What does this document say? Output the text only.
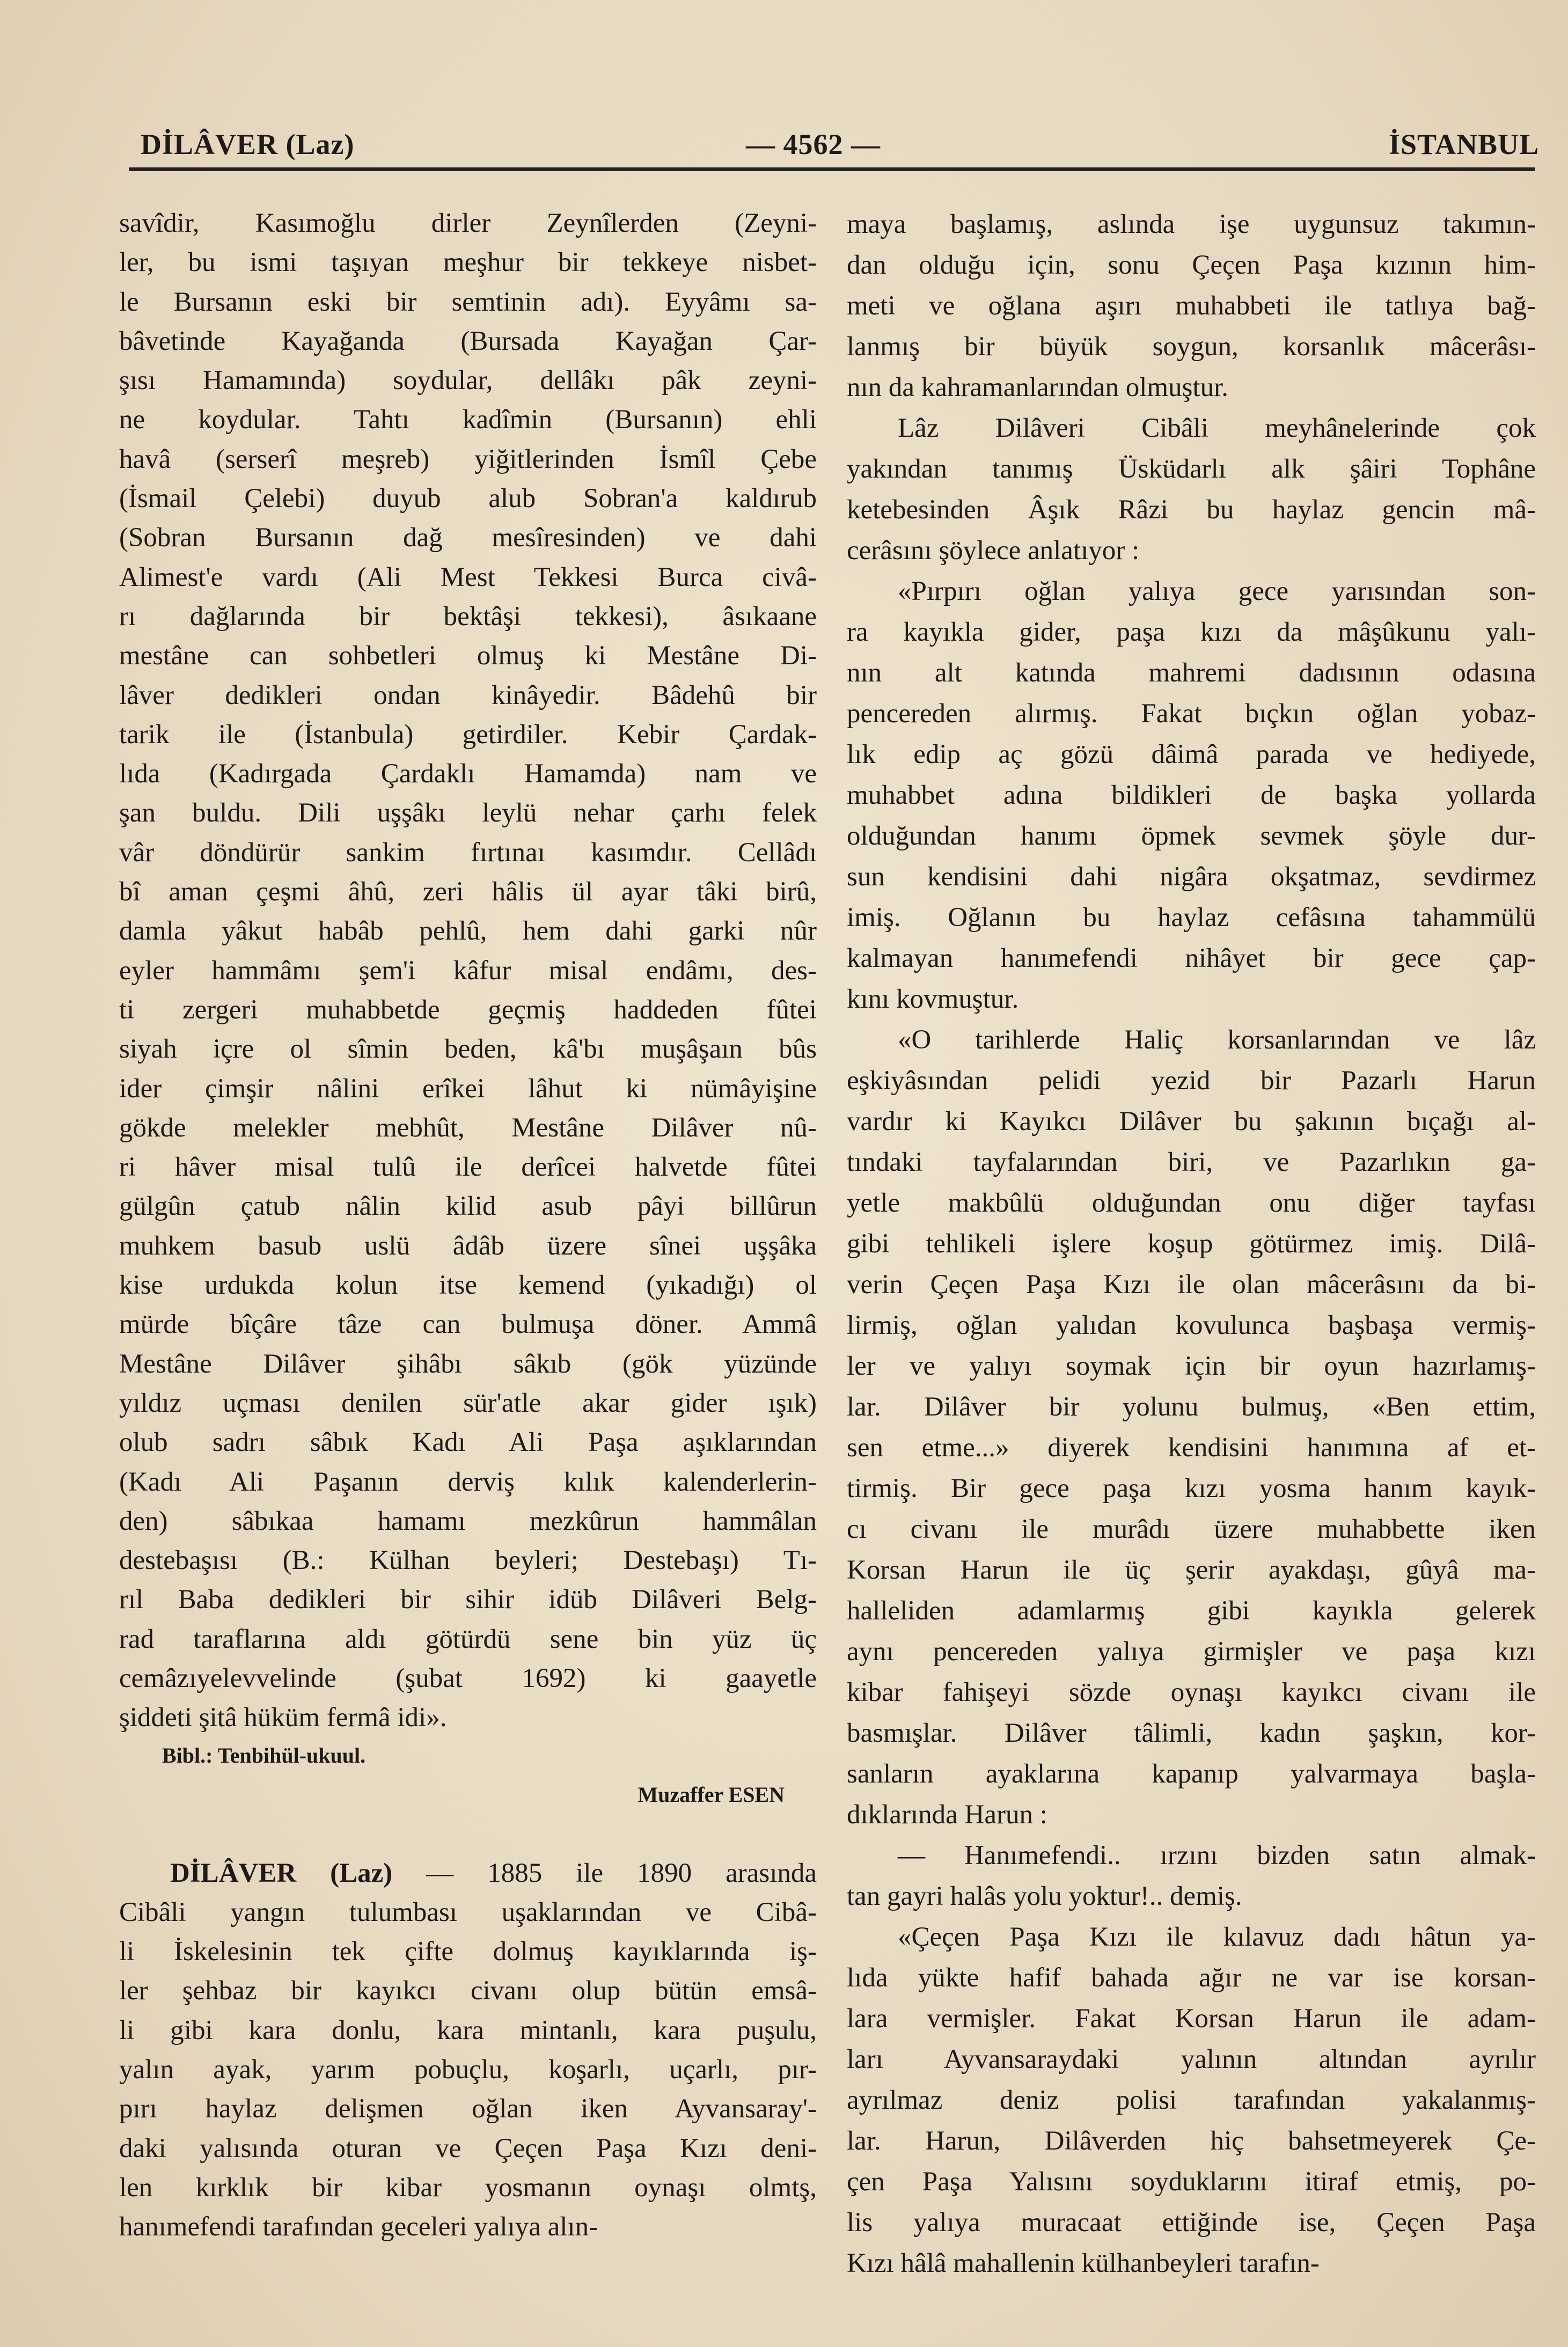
DİLÂVER (Laz)	— 4562 —	İSTANBUL
savîdir, Kasımoğlu dirler Zeynîlerden (Zeyni-
ler, bu ismi taşıyan meşhur bir tekkeye nisbet-
le Bursanın eski bir semtinin adı). Eyyâmı sa-
bâvetinde Kayağanda (Bursada Kayağan Çar-
şısı Hamamında) soydular, dellâkı pâk zeyni-
ne koydular. Tahtı kadîmin (Bursanın) ehli
havâ (serserî meşreb) yiğitlerinden İsmîl Çebe
(İsmail Çelebi) duyub alub Sobran'a kaldırub
(Sobran Bursanın dağ mesîresinden) ve dahi
Alimest'e vardı (Ali Mest Tekkesi Burca civâ-
rı dağlarında bir bektâşi tekkesi), âsıkaane
mestâne can sohbetleri olmuş ki Mestâne Di-
lâver dedikleri ondan kinâyedir. Bâdehû bir
tarik ile (İstanbula) getirdiler. Kebir Çardak-
lıda (Kadırgada Çardaklı Hamamda) nam ve
şan buldu. Dili uşşâkı leylü nehar çarhı felek
vâr döndürür sankim fırtınaı kasımdır. Cellâdı
bî aman çeşmi âhû, zeri hâlis ül ayar tâki birû,
damla yâkut habâb pehlû, hem dahi garki nûr
eyler hammâmı şem'i kâfur misal endâmı, des-
ti zergeri muhabbetde geçmiş haddeden fûtei
siyah içre ol sîmin beden, kâ'bı muşâşaın bûs
ider çimşir nâlini erîkei lâhut ki nümâyişine
gökde melekler mebhût, Mestâne Dilâver nû-
ri hâver misal tulû ile derîcei halvetde fûtei
gülgûn çatub nâlin kilid asub pâyi billûrun
muhkem basub uslü âdâb üzere sînei uşşâka
kise urdukda kolun itse kemend (yıkadığı) ol
mürde bîçâre tâze can bulmuşa döner. Ammâ
Mestâne Dilâver şihâbı sâkıb (gök yüzünde
yıldız uçması denilen sür'atle akar gider ışık)
olub sadrı sâbık Kadı Ali Paşa aşıklarından
(Kadı Ali Paşanın derviş kılık kalenderlerin-
den) sâbıkaa hamamı mezkûrun hammâlan
destebaşısı (B.: Külhan beyleri; Destebaşı) Tı-
rıl Baba dedikleri bir sihir idüb Dilâveri Belg-
rad taraflarına aldı götürdü sene bin yüz üç
cemâzıyelevvelinde (şubat 1692) ki gaayetle
şiddeti şitâ hüküm fermâ idi».
Bibl.: Tenbihül-ukuul.
Muzaffer ESEN
DİLÂVER (Laz) — 1885 ile 1890 arasında
Cibâli yangın tulumbası uşaklarından ve Cibâ-
li İskelesinin tek çifte dolmuş kayıklarında iş-
ler şehbaz bir kayıkcı civanı olup bütün emsâ-
li gibi kara donlu, kara mintanlı, kara puşulu,
yalın ayak, yarım pobuçlu, koşarlı, uçarlı, pır-
pırı haylaz delişmen oğlan iken Ayvansaray'-
daki yalısında oturan ve Çeçen Paşa Kızı deni-
len kırklık bir kibar yosmanın oynaşı olmtş,
hanımefendi tarafından geceleri yalıya alın-
maya başlamış, aslında işe uygunsuz takımın-
dan olduğu için, sonu Çeçen Paşa kızının him-
meti ve oğlana aşırı muhabbeti ile tatlıya bağ-
lanmış bir büyük soygun, korsanlık mâcerâsı-
nın da kahramanlarından olmuştur.
Lâz Dilâveri Cibâli meyhânelerinde çok
yakından tanımış Üsküdarlı alk şâiri Tophâne
ketebesinden Âşık Râzi bu haylaz gencin mâ-
cerâsını şöylece anlatıyor :
«Pırpırı oğlan yalıya gece yarısından son-
ra kayıkla gider, paşa kızı da mâşûkunu yalı-
nın alt katında mahremi dadısının odasına
pencereden alırmış. Fakat bıçkın oğlan yobaz-
lık edip aç gözü dâimâ parada ve hediyede,
muhabbet adına bildikleri de başka yollarda
olduğundan hanımı öpmek sevmek şöyle dur-
sun kendisini dahi nigâra okşatmaz, sevdirmez
imiş. Oğlanın bu haylaz cefâsına tahammülü
kalmayan hanımefendi nihâyet bir gece çap-
kını kovmuştur.
«O tarihlerde Haliç korsanlarından ve lâz
eşkiyâsından pelidi yezid bir Pazarlı Harun
vardır ki Kayıkcı Dilâver bu şakının bıçağı al-
tındaki tayfalarından biri, ve Pazarlıkın ga-
yetle makbûlü olduğundan onu diğer tayfası
gibi tehlikeli işlere koşup götürmez imiş. Dilâ-
verin Çeçen Paşa Kızı ile olan mâcerâsını da bi-
lirmiş, oğlan yalıdan kovulunca başbaşa vermiş-
ler ve yalıyı soymak için bir oyun hazırlamış-
lar. Dilâver bir yolunu bulmuş, «Ben ettim,
sen etme...» diyerek kendisini hanımına af et-
tirmiş. Bir gece paşa kızı yosma hanım kayık-
cı civanı ile murâdı üzere muhabbette iken
Korsan Harun ile üç şerir ayakdaşı, gûyâ ma-
halleliden adamlarmış gibi kayıkla gelerek
aynı pencereden yalıya girmişler ve paşa kızı
kibar fahişeyi sözde oynaşı kayıkcı civanı ile
basmışlar. Dilâver tâlimli, kadın şaşkın, kor-
sanların ayaklarına kapanıp yalvarmaya başla-
dıklarında Harun :
— Hanımefendi.. ırzını bizden satın almak-
tan gayri halâs yolu yoktur!.. demiş.
«Çeçen Paşa Kızı ile kılavuz dadı hâtun ya-
lıda yükte hafif bahada ağır ne var ise korsan-
lara vermişler. Fakat Korsan Harun ile adam-
ları Ayvansaraydaki yalının altından ayrılır
ayrılmaz deniz polisi tarafından yakalanmış-
lar. Harun, Dilâverden hiç bahsetmeyerek Çe-
çen Paşa Yalısını soyduklarını itiraf etmiş, po-
lis yalıya muracaat ettiğinde ise, Çeçen Paşa
Kızı hâlâ mahallenin külhanbeyleri tarafın-
